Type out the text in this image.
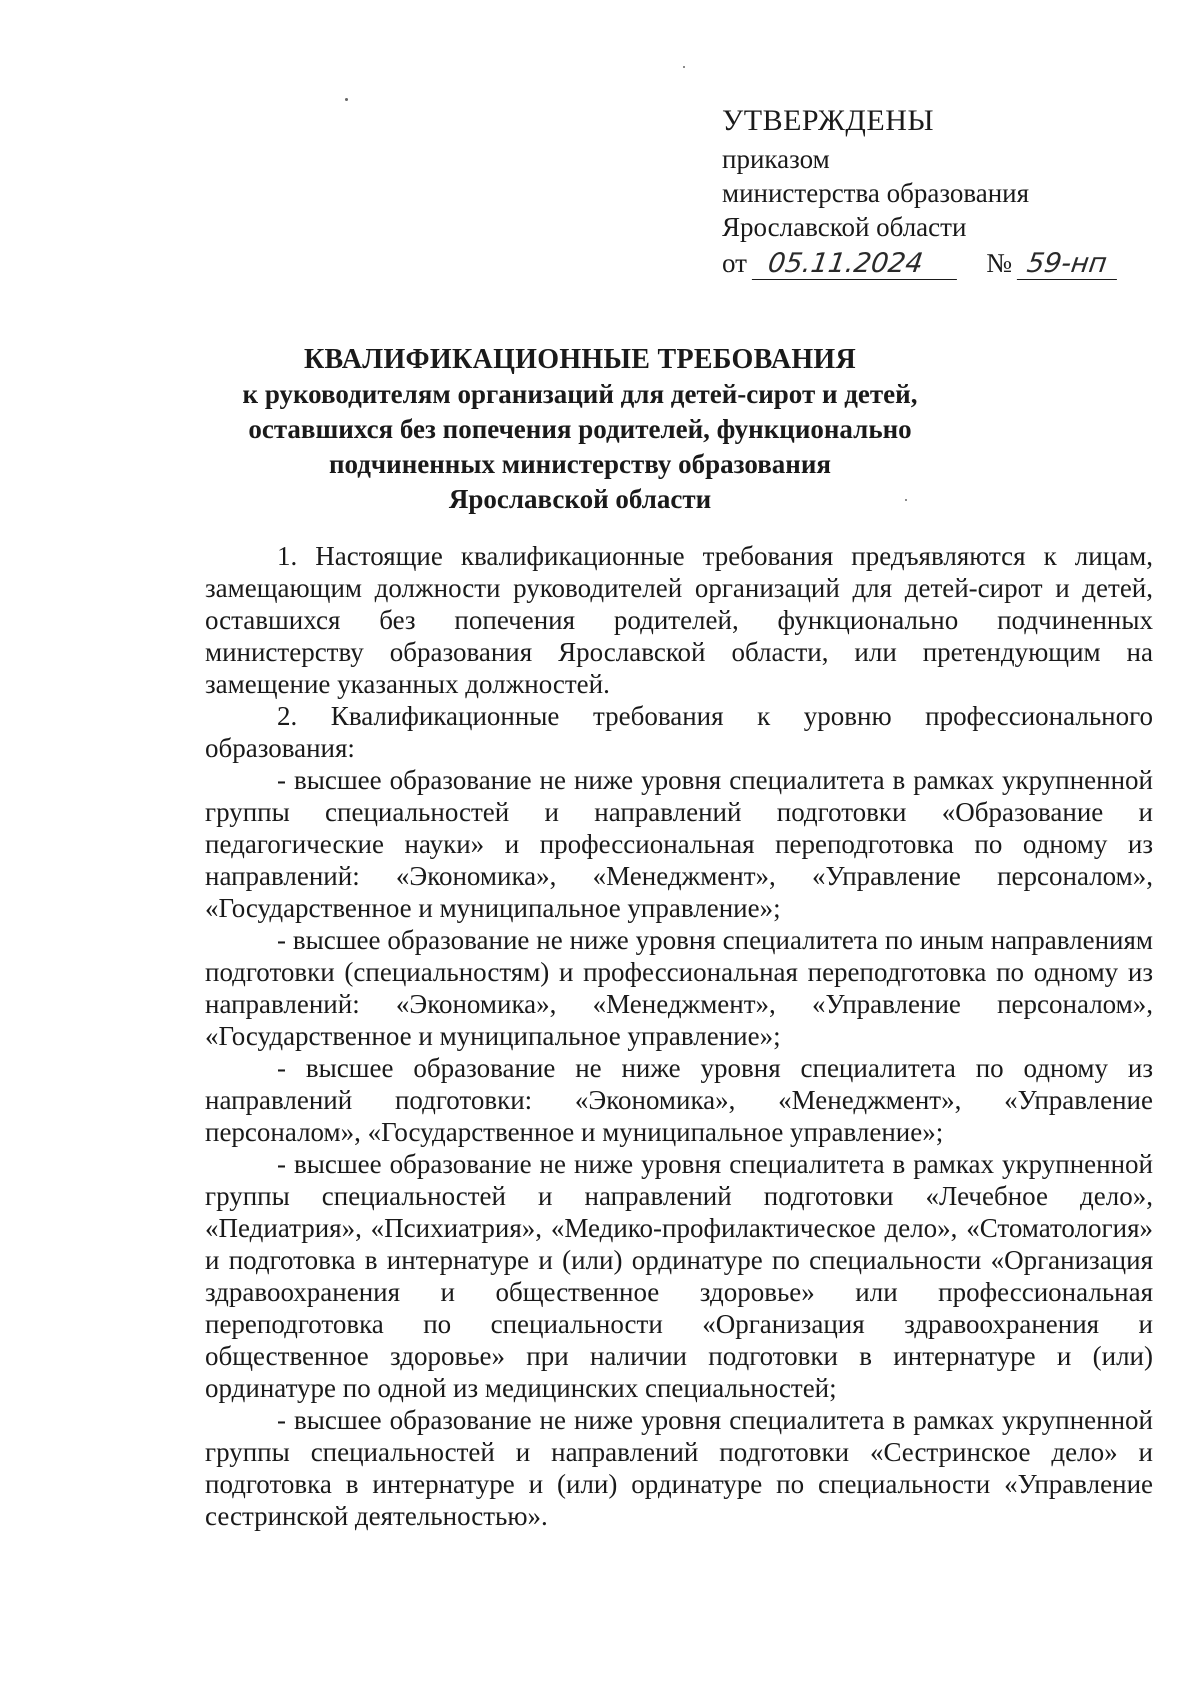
УТВЕРЖДЕНЫ
приказом
министерства образования
Ярославской области
от 05.11.2024 № 59-нп
КВАЛИФИКАЦИОННЫЕ ТРЕБОВАНИЯ
к руководителям организаций для детей-сирот и детей,
оставшихся без попечения родителей, функционально
подчиненных министерству образования
Ярославской области

1. Настоящие квалификационные требования предъявляются к лицам, замещающим должности руководителей организаций для детей-сирот и детей, оставшихся без попечения родителей, функционально подчиненных министерству образования Ярославской области, или претендующим на замещение указанных должностей.

2. Квалификационные требования к уровню профессионального образования:

- высшее образование не ниже уровня специалитета в рамках укрупненной группы специальностей и направлений подготовки «Образование и педагогические науки» и профессиональная переподготовка по одному из направлений: «Экономика», «Менеджмент», «Управление персоналом», «Государственное и муниципальное управление»;

- высшее образование не ниже уровня специалитета по иным направлениям подготовки (специальностям) и профессиональная переподготовка по одному из направлений: «Экономика», «Менеджмент», «Управление персоналом», «Государственное и муниципальное управление»;

- высшее образование не ниже уровня специалитета по одному из направлений подготовки: «Экономика», «Менеджмент», «Управление персоналом», «Государственное и муниципальное управление»;

- высшее образование не ниже уровня специалитета в рамках укрупненной группы специальностей и направлений подготовки «Лечебное дело», «Педиатрия», «Психиатрия», «Медико-профилактическое дело», «Стоматология» и подготовка в интернатуре и (или) ординатуре по специальности «Организация здравоохранения и общественное здоровье» или профессиональная переподготовка по специальности «Организация здравоохранения и общественное здоровье» при наличии подготовки в интернатуре и (или) ординатуре по одной из медицинских специальностей;

- высшее образование не ниже уровня специалитета в рамках укрупненной группы специальностей и направлений подготовки «Сестринское дело» и подготовка в интернатуре и (или) ординатуре по специальности «Управление сестринской деятельностью».
